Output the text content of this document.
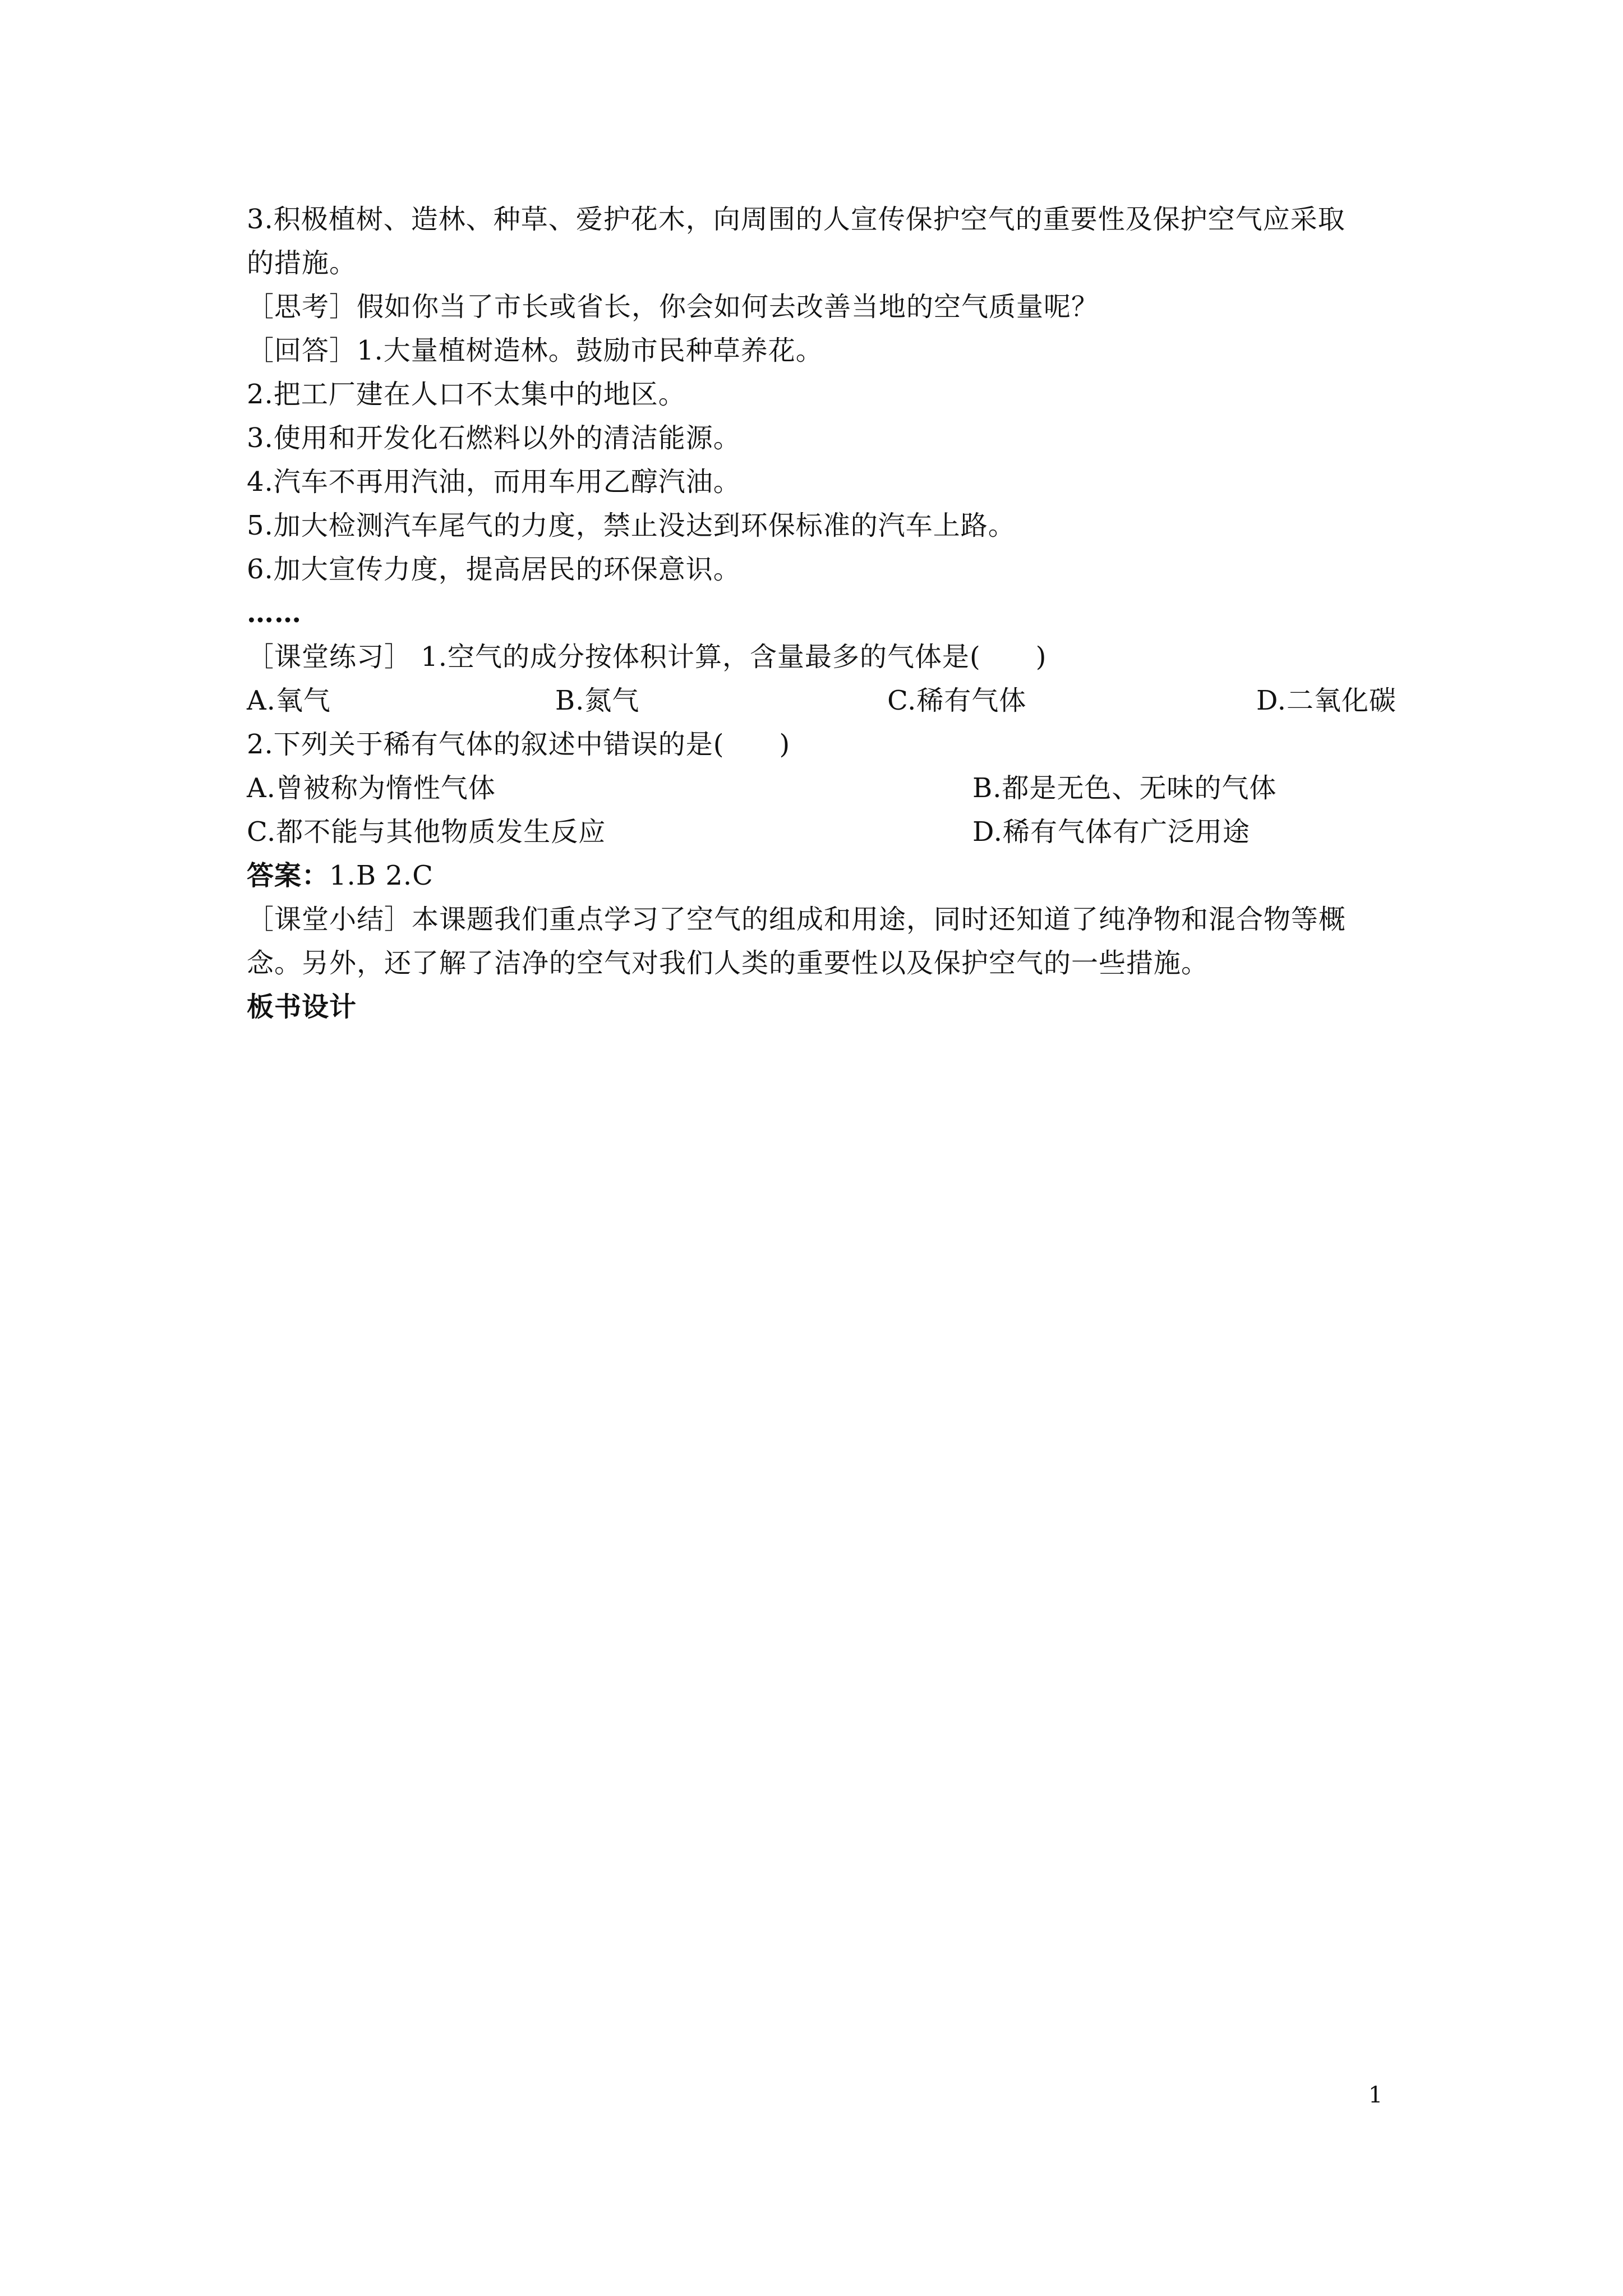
3.积极植树、造林、种草、爱护花木，向周围的人宣传保护空气的重要性及保护空气应采取
的措施。
［思考］假如你当了市长或省长，你会如何去改善当地的空气质量呢？
［回答］1.大量植树造林。鼓励市民种草养花。
2.把工厂建在人口不太集中的地区。
3.使用和开发化石燃料以外的清洁能源。
4.汽车不再用汽油，而用车用乙醇汽油。
5.加大检测汽车尾气的力度，禁止没达到环保标准的汽车上路。
6.加大宣传力度，提高居民的环保意识。
……
［课堂练习］ 1.空气的成分按体积计算，含量最多的气体是(　　)
A.氧气	B.氮气	C.稀有气体	D.二氧化碳
2.下列关于稀有气体的叙述中错误的是(　　)
A.曾被称为惰性气体	B.都是无色、无味的气体
C.都不能与其他物质发生反应	D.稀有气体有广泛用途
答案：1.B 2.C
［课堂小结］本课题我们重点学习了空气的组成和用途，同时还知道了纯净物和混合物等概
念。另外，还了解了洁净的空气对我们人类的重要性以及保护空气的一些措施。
板书设计
1
